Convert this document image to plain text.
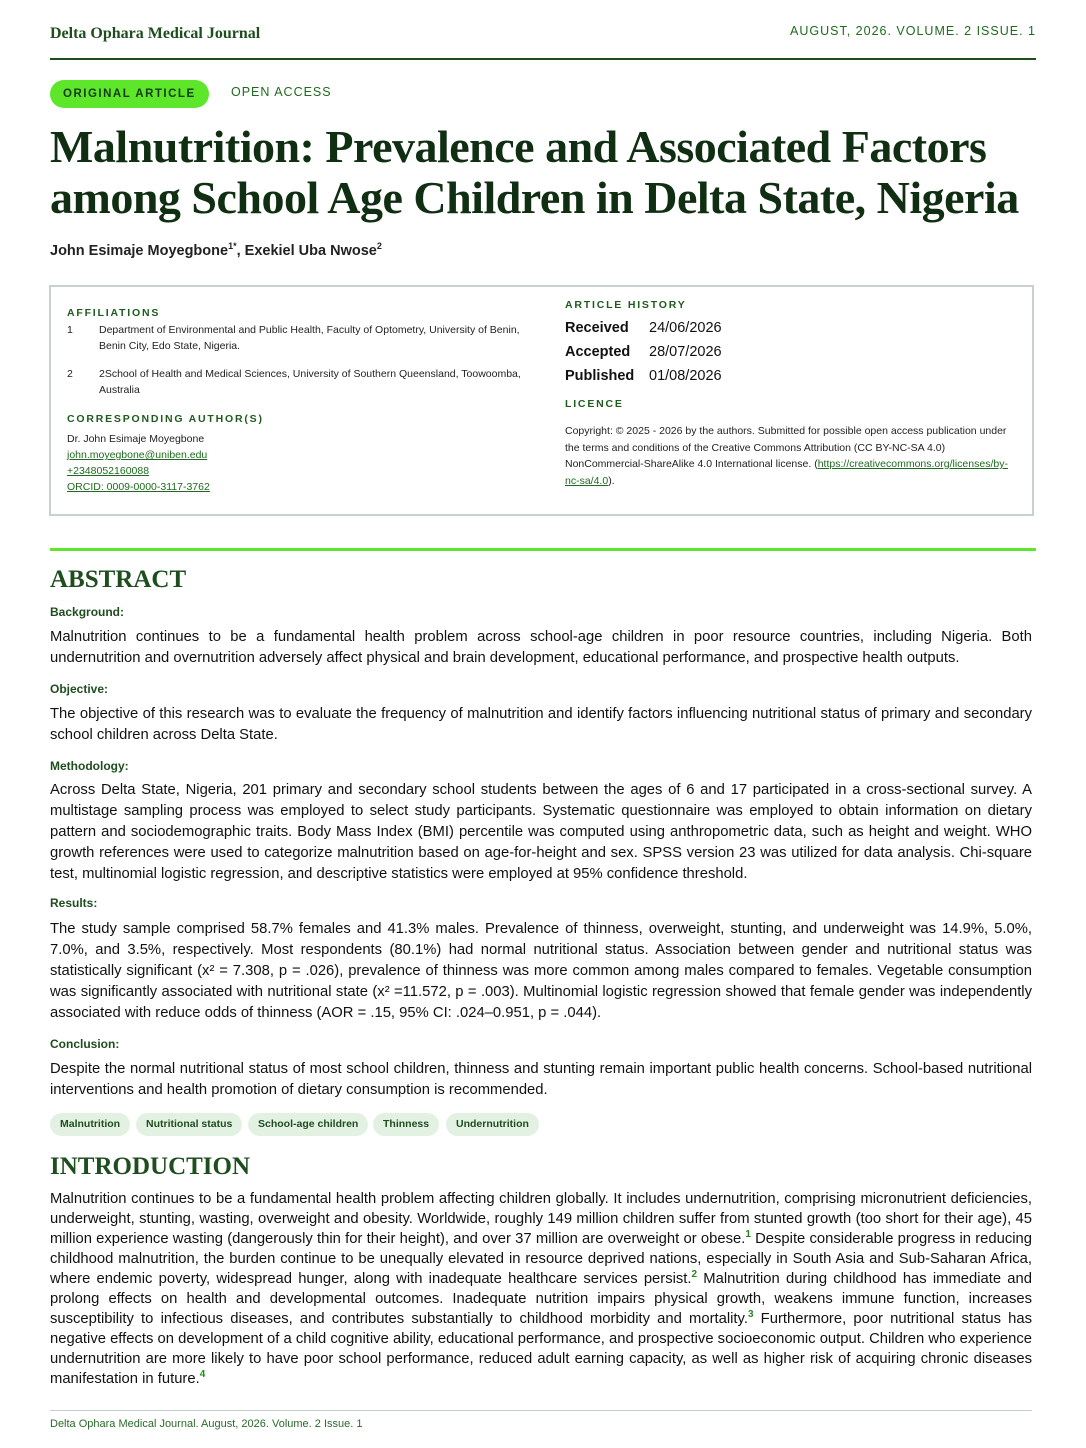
Delta Ophara Medical Journal	AUGUST, 2026. VOLUME. 2 ISSUE. 1
ORIGINAL ARTICLE	OPEN ACCESS
Malnutrition: Prevalence and Associated Factors
among School Age Children in Delta State, Nigeria
John Esimaje Moyegbone$^{1*}$, Exekiel Uba Nwose$^2$
AFFILIATIONS
1 Department of Environmental and Public Health, Faculty of Optometry, University of Benin, Benin City, Edo State, Nigeria.
2 2School of Health and Medical Sciences, University of Southern Queensland, Toowoomba, Australia
CORRESPONDING AUTHOR(S)
Dr. John Esimaje Moyegbone
john.moyegbone@uniben.edu
+2348052160088
ORCID: 0009-0000-3117-3762
ARTICLE HISTORY
Received 24/06/2026
Accepted 28/07/2026
Published 01/08/2026
LICENCE
Copyright: © 2025 - 2026 by the authors. Submitted for possible open access publication under the terms and conditions of the Creative Commons Attribution (CC BY-NC-SA 4.0) NonCommercial-ShareAlike 4.0 International license. (https://creativecommons.org/licenses/by-nc-sa/4.0).
ABSTRACT
Background:

Malnutrition continues to be a fundamental health problem across school-age children in poor resource countries, including Nigeria. Both undernutrition and overnutrition adversely affect physical and brain development, educational performance, and prospective health outputs.

Objective:

The objective of this research was to evaluate the frequency of malnutrition and identify factors influencing nutritional status of primary and secondary school children across Delta State.

Methodology:

Across Delta State, Nigeria, 201 primary and secondary school students between the ages of 6 and 17 participated in a cross-sectional survey. A multistage sampling process was employed to select study participants. Systematic questionnaire was employed to obtain information on dietary pattern and sociodemographic traits. Body Mass Index (BMI) percentile was computed using anthropometric data, such as height and weight. WHO growth references were used to categorize malnutrition based on age-for-height and sex. SPSS version 23 was utilized for data analysis. Chi-square test, multinomial logistic regression, and descriptive statistics were employed at 95% confidence threshold.

Results:

The study sample comprised 58.7% females and 41.3% males. Prevalence of thinness, overweight, stunting, and underweight was 14.9%, 5.0%, 7.0%, and 3.5%, respectively. Most respondents (80.1%) had normal nutritional status. Association between gender and nutritional status was statistically significant (x² = 7.308, p = .026), prevalence of thinness was more common among males compared to females. Vegetable consumption was significantly associated with nutritional state (x² =11.572, p = .003). Multinomial logistic regression showed that female gender was independently associated with reduce odds of thinness (AOR = .15, 95% CI: .024–0.951, p = .044).

Conclusion:

Despite the normal nutritional status of most school children, thinness and stunting remain important public health concerns. School-based nutritional interventions and health promotion of dietary consumption is recommended.

Malnutrition	Nutritional status	School-age children	Thinness	Undernutrition
INTRODUCTION

Malnutrition continues to be a fundamental health problem affecting children globally. It includes undernutrition, comprising micronutrient deficiencies, underweight, stunting, wasting, overweight and obesity. Worldwide, roughly 149 million children suffer from stunted growth (too short for their age), 45 million experience wasting (dangerously thin for their height), and over 37 million are overweight or obese.$^1$ Despite considerable progress in reducing childhood malnutrition, the burden continue to be unequally elevated in resource deprived nations, especially in South Asia and Sub-Saharan Africa, where endemic poverty, widespread hunger, along with inadequate healthcare services persist.$^2$ Malnutrition during childhood has immediate and prolong effects on health and developmental outcomes. Inadequate nutrition impairs physical growth, weakens immune function, increases susceptibility to infectious diseases, and contributes substantially to childhood morbidity and mortality.$^3$ Furthermore, poor nutritional status has negative effects on development of a child cognitive ability, educational performance, and prospective socioeconomic output. Children who experience undernutrition are more likely to have poor school performance, reduced adult earning capacity, as well as higher risk of acquiring chronic diseases manifestation in future.$^4$

Delta Ophara Medical Journal. August, 2026. Volume. 2 Issue. 1
